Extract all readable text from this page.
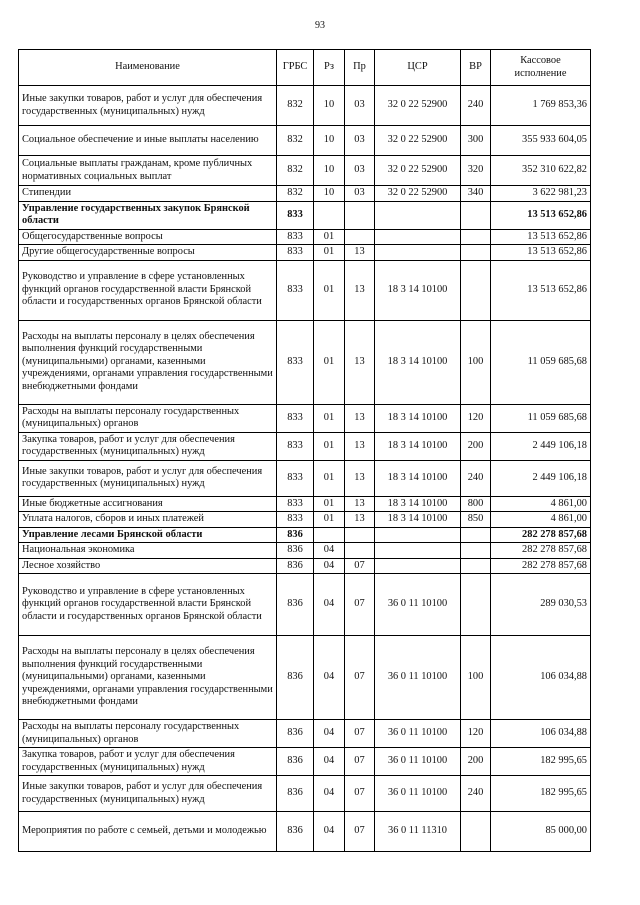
93
Наименование	ГРБС	Рз	Пр	ЦСР	ВР	Кассовое исполнение
Иные закупки товаров, работ и услуг для обеспечения государственных (муниципальных) нужд	832	10	03	32 0 22 52900	240	1 769 853,36
Социальное обеспечение и иные выплаты населению	832	10	03	32 0 22 52900	300	355 933 604,05
Социальные выплаты гражданам, кроме публичных нормативных социальных выплат	832	10	03	32 0 22 52900	320	352 310 622,82
Стипендии	832	10	03	32 0 22 52900	340	3 622 981,23
Управление государственных закупок Брянской области	833					13 513 652,86
Общегосударственные вопросы	833	01				13 513 652,86
Другие общегосударственные вопросы	833	01	13			13 513 652,86
Руководство и управление в сфере установленных функций органов государственной власти Брянской области и государственных органов Брянской области	833	01	13	18 3 14 10100		13 513 652,86
Расходы на выплаты персоналу в целях обеспечения выполнения функций государственными (муниципальными) органами, казенными учреждениями, органами управления государственными внебюджетными фондами	833	01	13	18 3 14 10100	100	11 059 685,68
Расходы на выплаты персоналу государственных (муниципальных) органов	833	01	13	18 3 14 10100	120	11 059 685,68
Закупка товаров, работ и услуг для обеспечения государственных (муниципальных) нужд	833	01	13	18 3 14 10100	200	2 449 106,18
Иные закупки товаров, работ и услуг для обеспечения государственных (муниципальных) нужд	833	01	13	18 3 14 10100	240	2 449 106,18
Иные бюджетные ассигнования	833	01	13	18 3 14 10100	800	4 861,00
Уплата налогов, сборов и иных платежей	833	01	13	18 3 14 10100	850	4 861,00
Управление лесами Брянской области	836					282 278 857,68
Национальная экономика	836	04				282 278 857,68
Лесное хозяйство	836	04	07			282 278 857,68
Руководство и управление в сфере установленных функций органов государственной власти Брянской области и государственных органов Брянской области	836	04	07	36 0 11 10100		289 030,53
Расходы на выплаты персоналу в целях обеспечения выполнения функций государственными (муниципальными) органами, казенными учреждениями, органами управления государственными внебюджетными фондами	836	04	07	36 0 11 10100	100	106 034,88
Расходы на выплаты персоналу государственных (муниципальных) органов	836	04	07	36 0 11 10100	120	106 034,88
Закупка товаров, работ и услуг для обеспечения государственных (муниципальных) нужд	836	04	07	36 0 11 10100	200	182 995,65
Иные закупки товаров, работ и услуг для обеспечения государственных (муниципальных) нужд	836	04	07	36 0 11 10100	240	182 995,65
Мероприятия по работе с семьей, детьми и молодежью	836	04	07	36 0 11 11310		85 000,00
